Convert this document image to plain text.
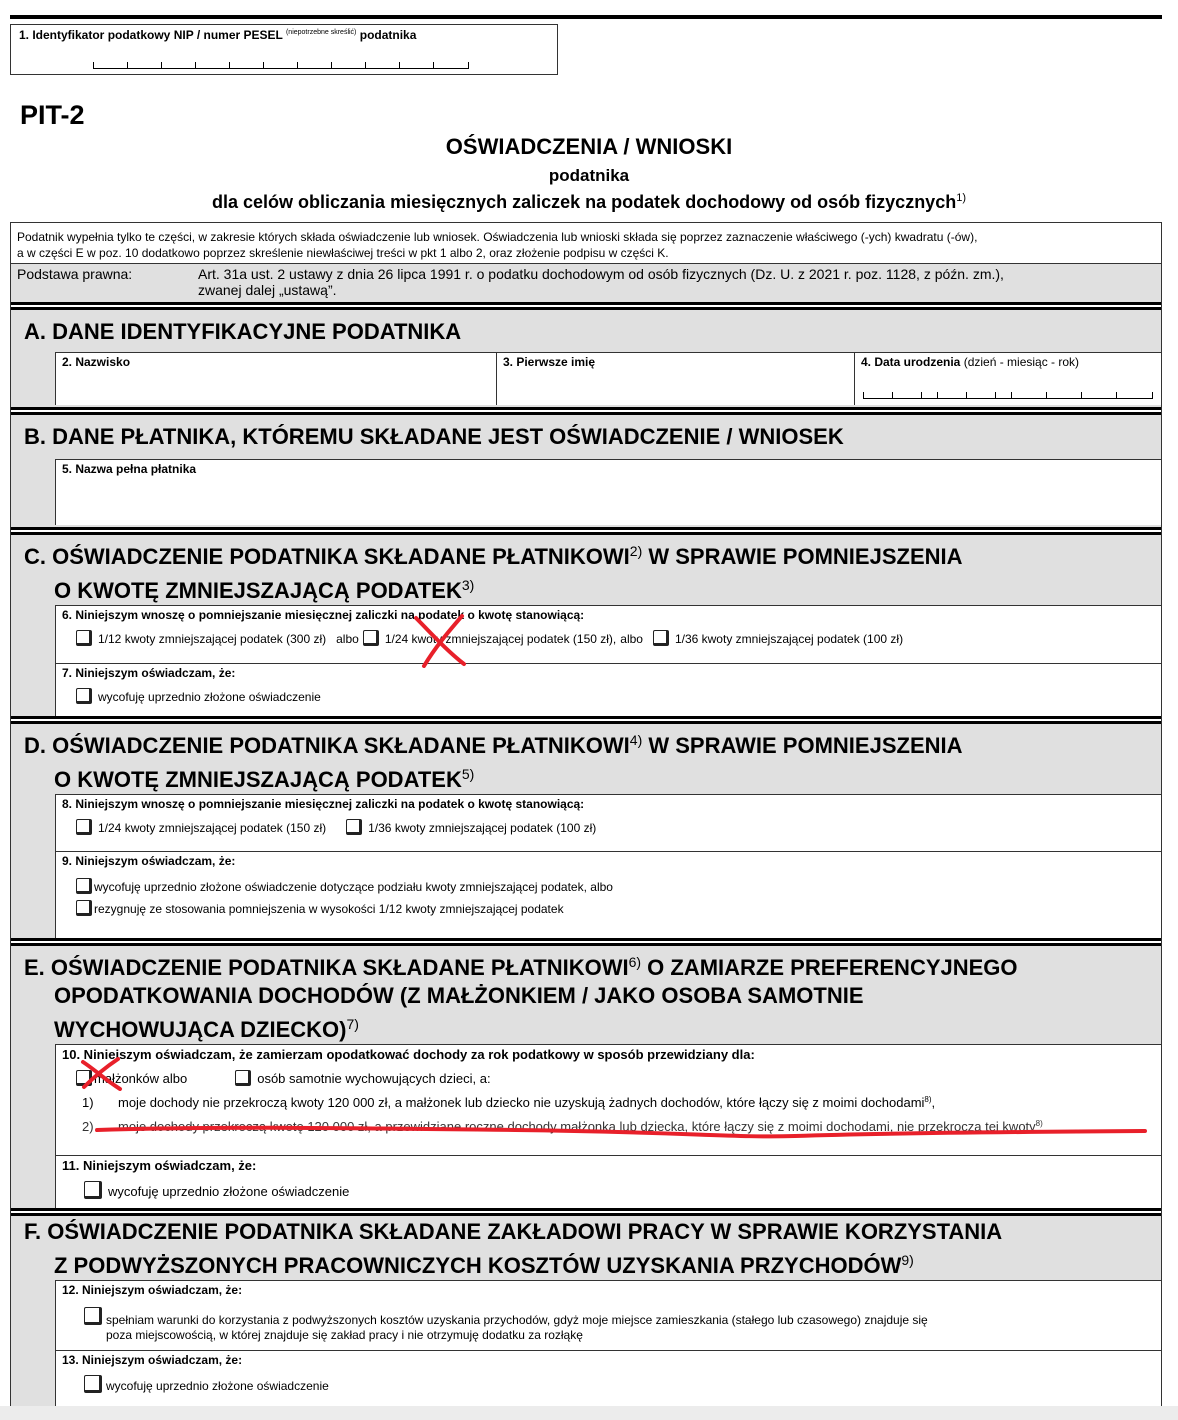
1. Identyfikator podatkowy NIP / numer PESEL $^{(niepotrzebne skreślić)}$ podatnika
PIT-2
OŚWIADCZENIA / WNIOSKI
podatnika
dla celów obliczania miesięcznych zaliczek na podatek dochodowy od osób fizycznych$^{1)}$
Podatnik wypełnia tylko te części, w zakresie których składa oświadczenie lub wniosek. Oświadczenia lub wnioski składa się poprzez zaznaczenie właściwego (-ych) kwadratu (-ów),
a w części E w poz. 10 dodatkowo poprzez skreślenie niewłaściwej treści w pkt 1 albo 2, oraz złożenie podpisu w części K.
Podstawa prawna:	Art. 31a ust. 2 ustawy z dnia 26 lipca 1991 r. o podatku dochodowym od osób fizycznych (Dz. U. z 2021 r. poz. 1128, z późn. zm.),
zwanej dalej „ustawą”.
A. DANE IDENTYFIKACYJNE PODATNIKA
2. Nazwisko	3. Pierwsze imię	4. Data urodzenia (dzień - miesiąc - rok)
B. DANE PŁATNIKA, KTÓREMU SKŁADANE JEST OŚWIADCZENIE / WNIOSEK
5. Nazwa pełna płatnika
C. OŚWIADCZENIE PODATNIKA SKŁADANE PŁATNIKOWI$^{2)}$ W SPRAWIE POMNIEJSZENIA
O KWOTĘ ZMNIEJSZAJĄCĄ PODATEK$^{3)}$
6. Niniejszym wnoszę o pomniejszanie miesięcznej zaliczki na podatek o kwotę stanowiącą:
1/12 kwoty zmniejszającej podatek (300 zł) albo 1/24 kwoty zmniejszającej podatek (150 zł), albo	1/36 kwoty zmniejszającej podatek (100 zł)
7. Niniejszym oświadczam, że:
wycofuję uprzednio złożone oświadczenie
D. OŚWIADCZENIE PODATNIKA SKŁADANE PŁATNIKOWI$^{4)}$ W SPRAWIE POMNIEJSZENIA
O KWOTĘ ZMNIEJSZAJĄCĄ PODATEK$^{5)}$
8. Niniejszym wnoszę o pomniejszanie miesięcznej zaliczki na podatek o kwotę stanowiącą:
1/24 kwoty zmniejszającej podatek (150 zł)	1/36 kwoty zmniejszającej podatek (100 zł)
9. Niniejszym oświadczam, że:
wycofuję uprzednio złożone oświadczenie dotyczące podziału kwoty zmniejszającej podatek, albo
rezygnuję ze stosowania pomniejszenia w wysokości 1/12 kwoty zmniejszającej podatek
E. OŚWIADCZENIE PODATNIKA SKŁADANE PŁATNIKOWI$^{6)}$ O ZAMIARZE PREFERENCYJNEGO
OPODATKOWANIA DOCHODÓW (Z MAŁŻONKIEM / JAKO OSOBA SAMOTNIE
WYCHOWUJĄCA DZIECKO)$^{7)}$
10. Niniejszym oświadczam, że zamierzam opodatkować dochody za rok podatkowy w sposób przewidziany dla:
małżonków albo	osób samotnie wychowujących dzieci, a:
1)	moje dochody nie przekroczą kwoty 120 000 zł, a małżonek lub dziecko nie uzyskują żadnych dochodów, które łączy się z moimi dochodami$^{8)}$,
2)	moje dochody przekroczą kwotę 120 000 zł, a przewidziane roczne dochody małżonka lub dziecka, które łączy się z moimi dochodami, nie przekroczą tej kwoty$^{8)}$
11. Niniejszym oświadczam, że:
wycofuję uprzednio złożone oświadczenie
F. OŚWIADCZENIE PODATNIKA SKŁADANE ZAKŁADOWI PRACY W SPRAWIE KORZYSTANIA
Z PODWYŻSZONYCH PRACOWNICZYCH KOSZTÓW UZYSKANIA PRZYCHODÓW$^{9)}$
12. Niniejszym oświadczam, że:
spełniam warunki do korzystania z podwyższonych kosztów uzyskania przychodów, gdyż moje miejsce zamieszkania (stałego lub czasowego) znajduje się
poza miejscowością, w której znajduje się zakład pracy i nie otrzymuję dodatku za rozłąkę
13. Niniejszym oświadczam, że:
wycofuję uprzednio złożone oświadczenie
